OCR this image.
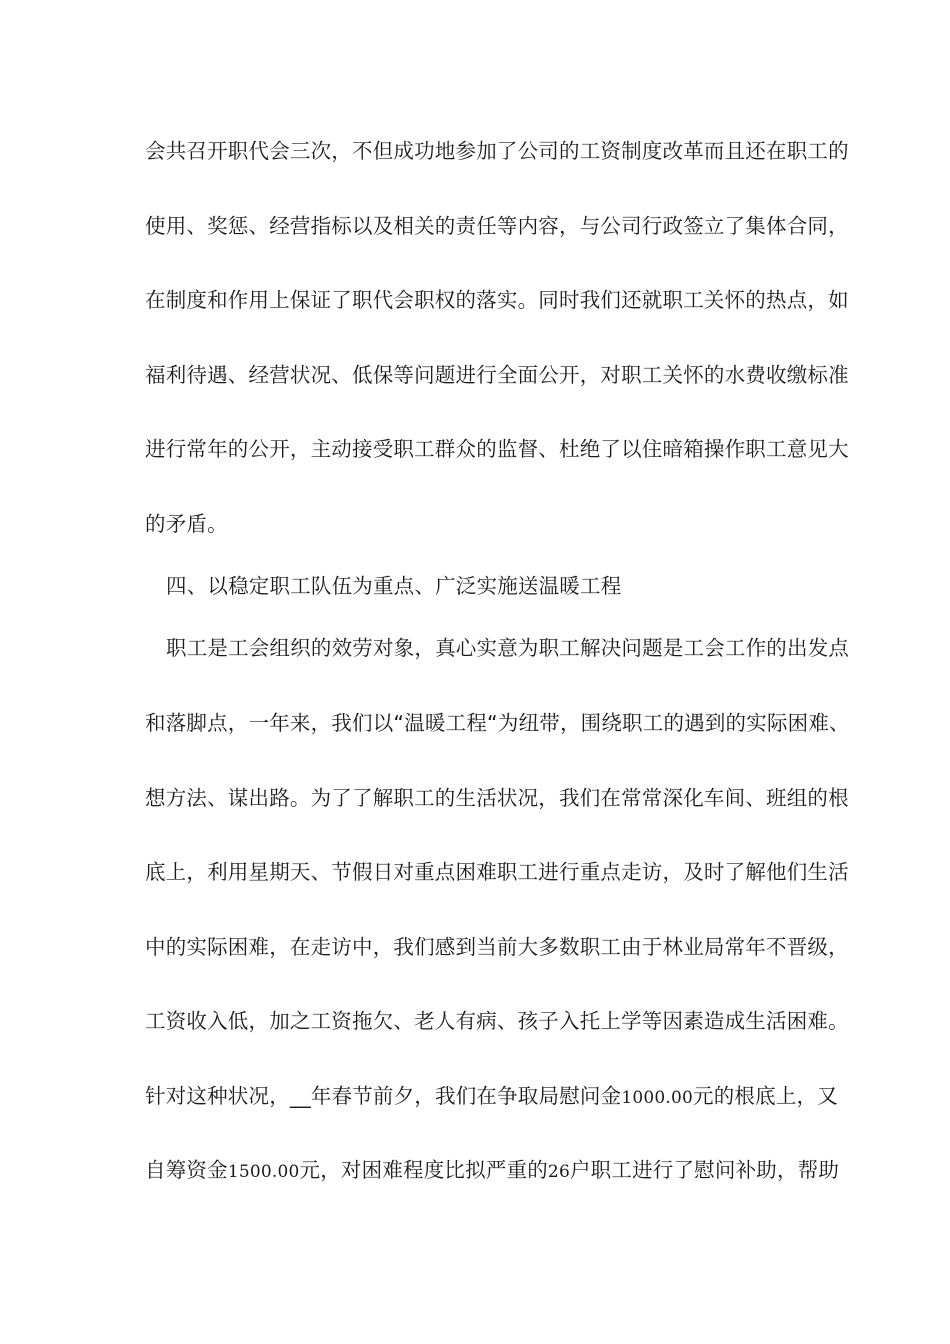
会共召开职代会三次，不但成功地参加了公司的工资制度改革而且还在职工的
使用、奖惩、经营指标以及相关的责任等内容，与公司行政签立了集体合同，
在制度和作用上保证了职代会职权的落实。同时我们还就职工关怀的热点，如
福利待遇、经营状况、低保等问题进行全面公开，对职工关怀的水费收缴标准
进行常年的公开，主动接受职工群众的监督、杜绝了以住暗箱操作职工意见大
的矛盾。
四、以稳定职工队伍为重点、广泛实施送温暖工程
职工是工会组织的效劳对象，真心实意为职工解决问题是工会工作的出发点
和落脚点，一年来，我们以“温暖工程“为纽带，围绕职工的遇到的实际困难、
想方法、谋出路。为了了解职工的生活状况，我们在常常深化车间、班组的根
底上，利用星期天、节假日对重点困难职工进行重点走访，及时了解他们生活
中的实际困难，在走访中，我们感到当前大多数职工由于林业局常年不晋级，
工资收入低，加之工资拖欠、老人有病、孩子入托上学等因素造成生活困难。
针对这种状况，__年春节前夕，我们在争取局慰问金1000.00元的根底上，又
自筹资金1500.00元，对困难程度比拟严重的26户职工进行了慰问补助，帮助
